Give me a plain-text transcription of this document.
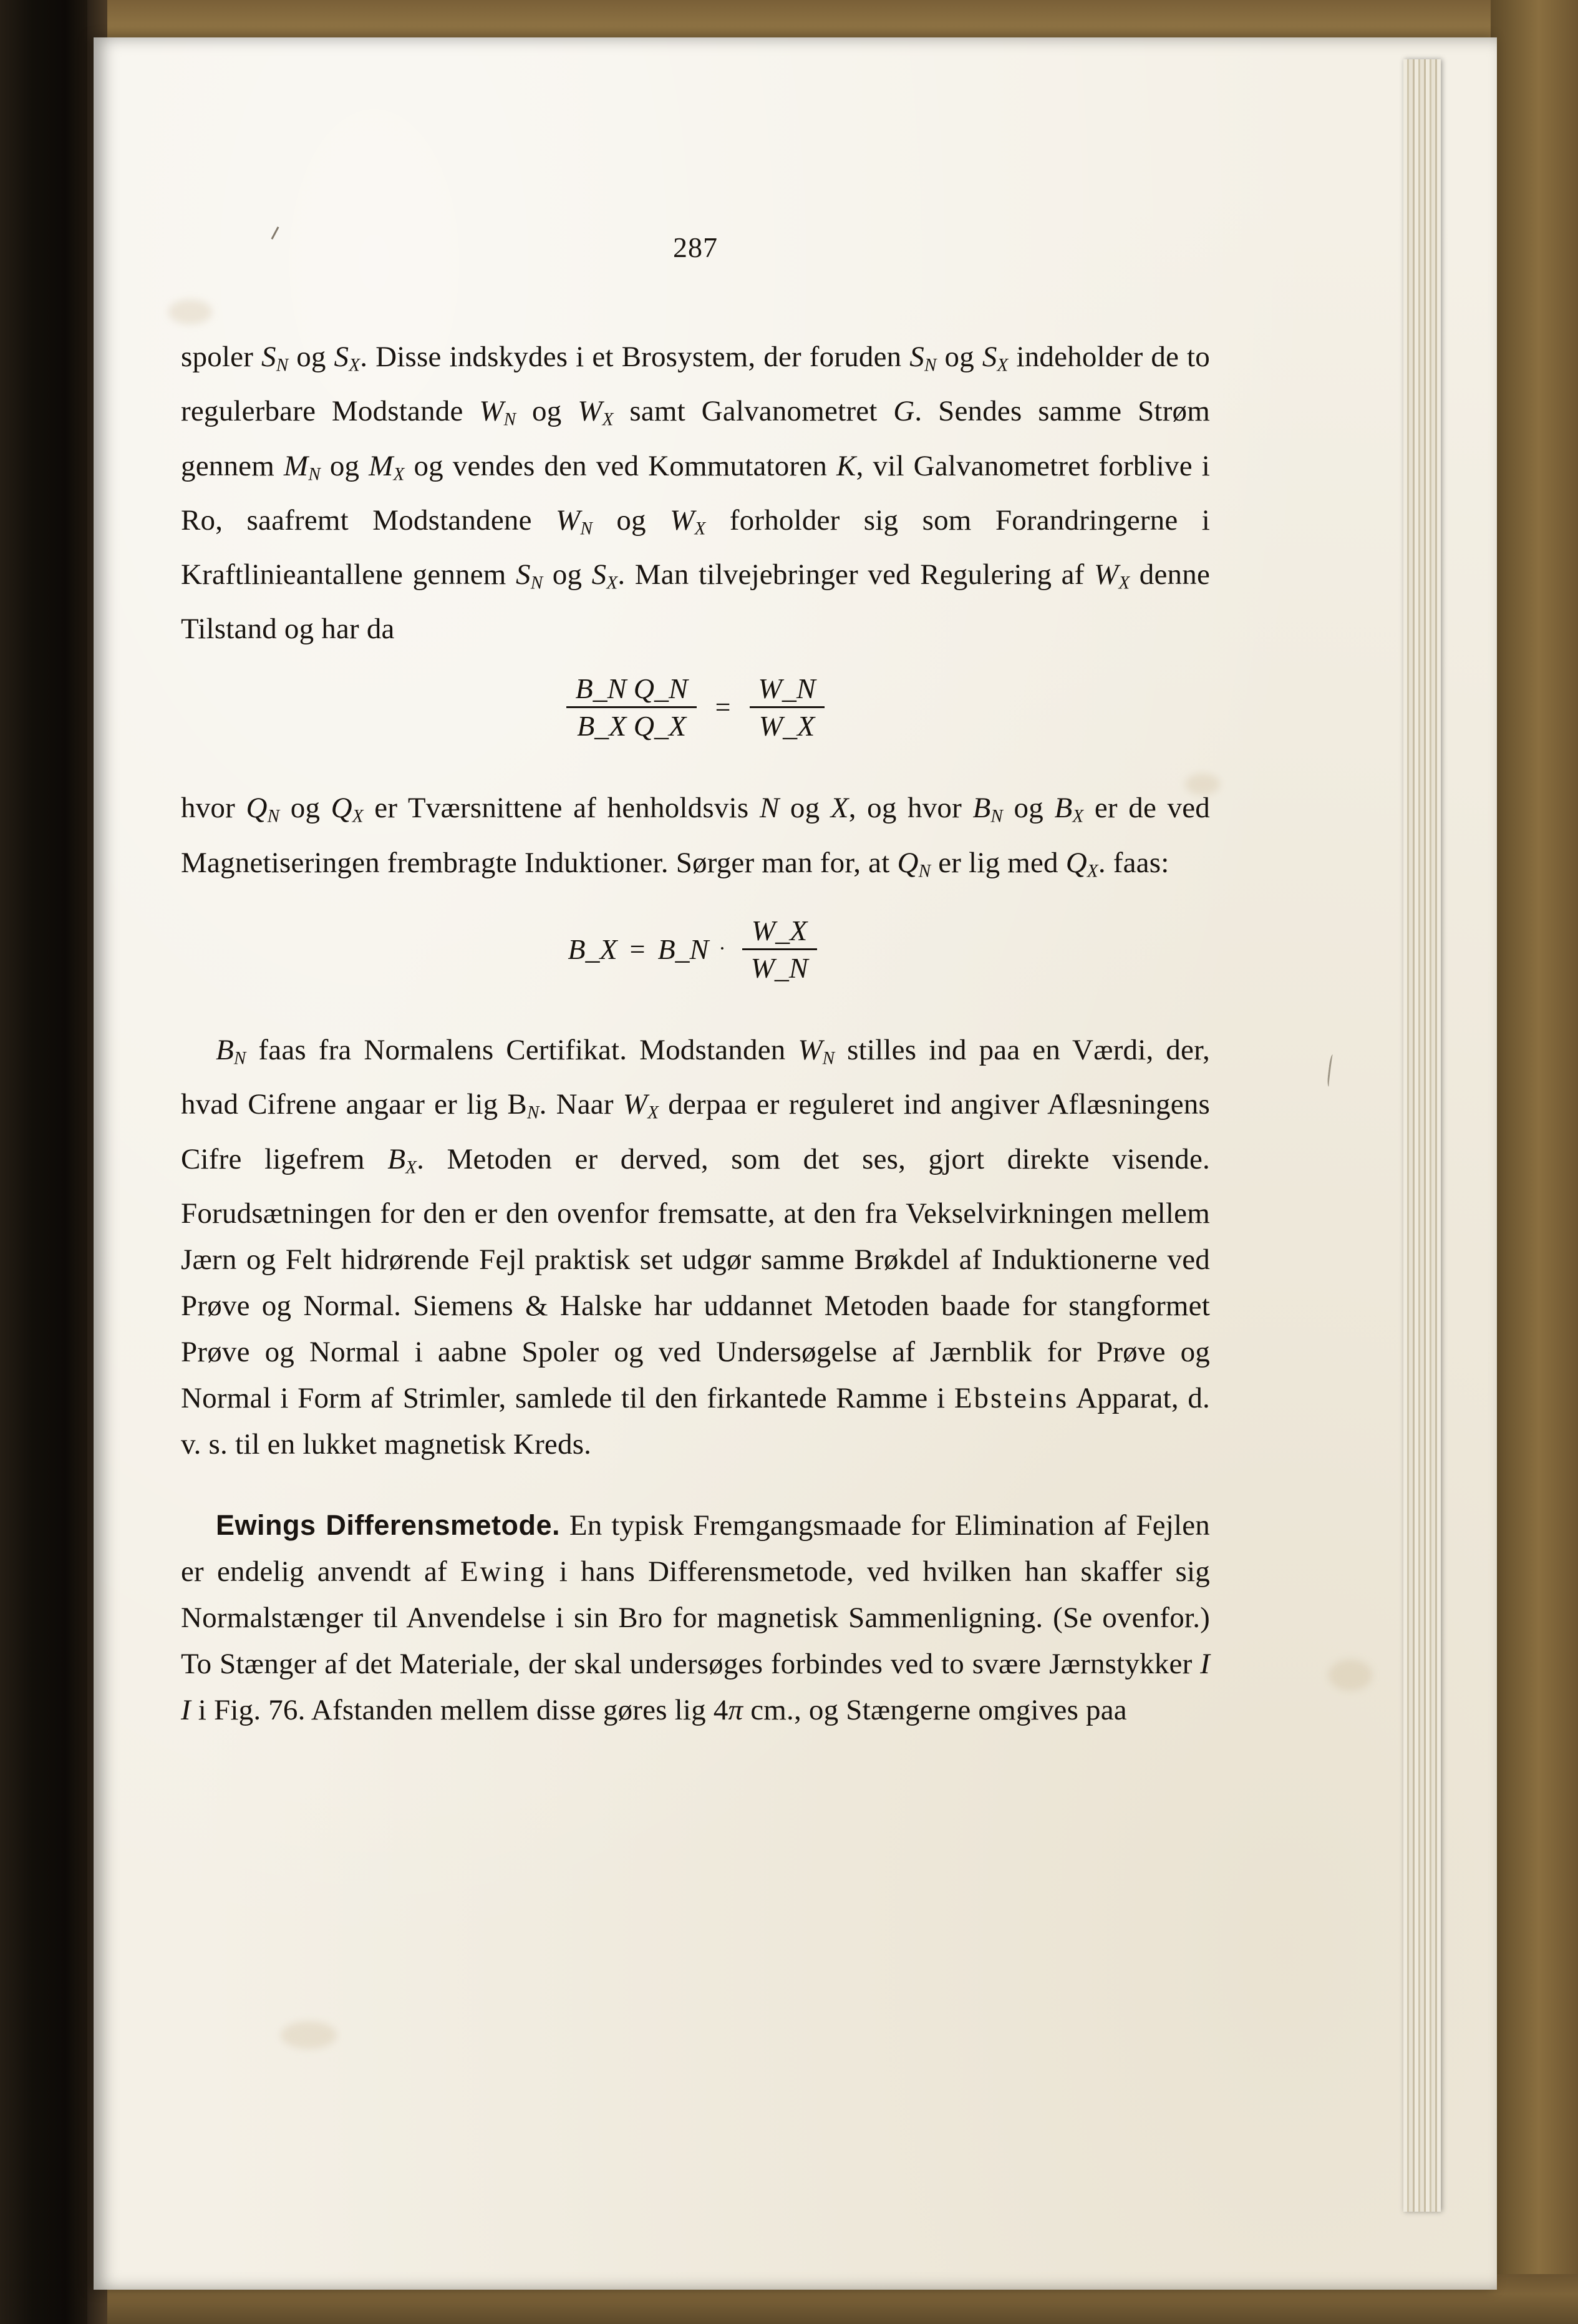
287

spoler $S_N$ og $S_X$. Disse indskydes i et Brosystem, der foruden $S_N$ og $S_X$ indeholder de to regulerbare Modstande $W_N$ og $W_X$ samt Galvanometret G. Sendes samme Strøm gennem $M_N$ og $M_X$ og vendes den ved Kommutatoren K, vil Galvanometret forblive i Ro, saafremt Modstandene $W_N$ og $W_X$ forholder sig som Forandringerne i Kraftlinieantallene gennem $S_N$ og $S_X$. Man tilvejebringer ved Regulering af $W_X$ denne Tilstand og har da

$\frac{\text{B\_N Q\_N}}{\text{B\_X Q\_X}} = \frac{W\_N}{W\_X}$

hvor $Q_N$ og $Q_X$ er Tværsnittene af henholdsvis N og X, og hvor $B_N$ og $B_X$ er de ved Magnetiseringen frembragte Induktioner. Sørger man for, at $Q_N$ er lig med $Q_X$. faas:

B_X = B_N · $\frac{W\_X}{W\_N}$

$B_N$ faas fra Normalens Certifikat. Modstanden $W_N$ stilles ind paa en Værdi, der, hvad Cifrene angaar er lig $B_N$. Naar $W_X$ derpaa er reguleret ind angiver Aflæsningens Cifre ligefrem $B_X$. Metoden er derved, som det ses, gjort direkte visende. Forudsætningen for den er den ovenfor fremsatte, at den fra Vekselvirkningen mellem Jærn og Felt hidrørende Fejl praktisk set udgør samme Brøkdel af Induktionerne ved Prøve og Normal. Siemens & Halske har uddannet Metoden baade for stangformet Prøve og Normal i aabne Spoler og ved Undersøgelse af Jærnblik for Prøve og Normal i Form af Strimler, samlede til den firkantede Ramme i Ebsteins Apparat, d. v. s. til en lukket magnetisk Kreds.

Ewings Differensmetode. En typisk Fremgangsmaade for Elimination af Fejlen er endelig anvendt af Ewing i hans Differensmetode, ved hvilken han skaffer sig Normalstænger til Anvendelse i sin Bro for magnetisk Sammenligning. (Se ovenfor.) To Stænger af det Materiale, der skal undersøges forbindes ved to svære Jærnstykker I I i Fig. 76. Afstanden mellem disse gøres lig 4π cm., og Stængerne omgives paa
